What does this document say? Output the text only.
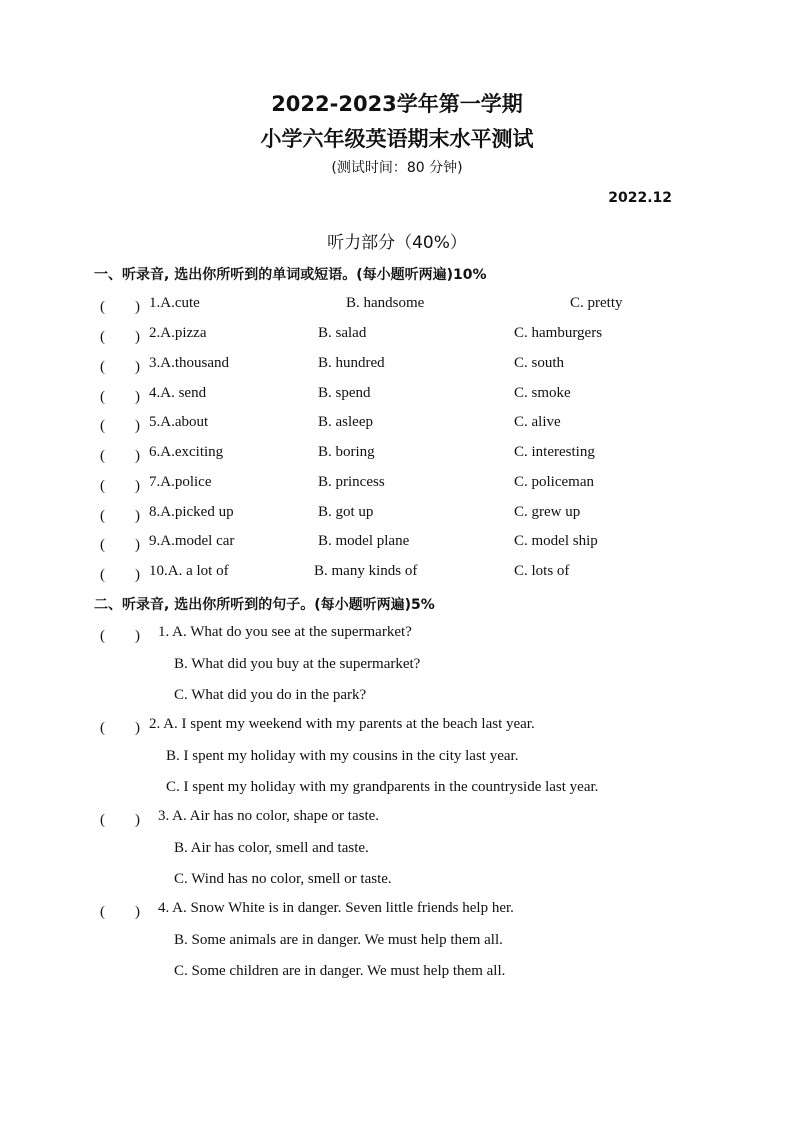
2022-2023学年第一学期
小学六年级英语期末水平测试
(测试时间：80 分钟)
2022.12
听力部分（40%）
一、听录音, 选出你所听到的单词或短语。(每小题听两遍)10%
(　　) 1.A.cute	B. handsome	C. pretty
(　　) 2.A.pizza	B. salad	C. hamburgers
(　　) 3.A.thousand	B. hundred	C. south
(　　) 4.A. send	B. spend	C. smoke
(　　) 5.A.about	B. asleep	C. alive
(　　) 6.A.exciting	B. boring	C. interesting
(　　) 7.A.police	B. princess	C. policeman
(　　) 8.A.picked up	B. got up	C. grew up
(　　) 9.A.model car	B. model plane	C. model ship
(　　) 10.A. a lot of	B. many kinds of	C. lots of
二、听录音, 选出你所听到的句子。(每小题听两遍)5%
(　　) 1. A. What do you see at the supermarket?
B. What did you buy at the supermarket?
C. What did you do in the park?
(　　) 2. A. I spent my weekend with my parents at the beach last year.
B. I spent my holiday with my cousins in the city last year.
C. I spent my holiday with my grandparents in the countryside last year.
(　　) 3. A. Air has no color, shape or taste.
B. Air has color, smell and taste.
C. Wind has no color, smell or taste.
(　　) 4. A. Snow White is in danger. Seven little friends help her.
B. Some animals are in danger. We must help them all.
C. Some children are in danger. We must help them all.
